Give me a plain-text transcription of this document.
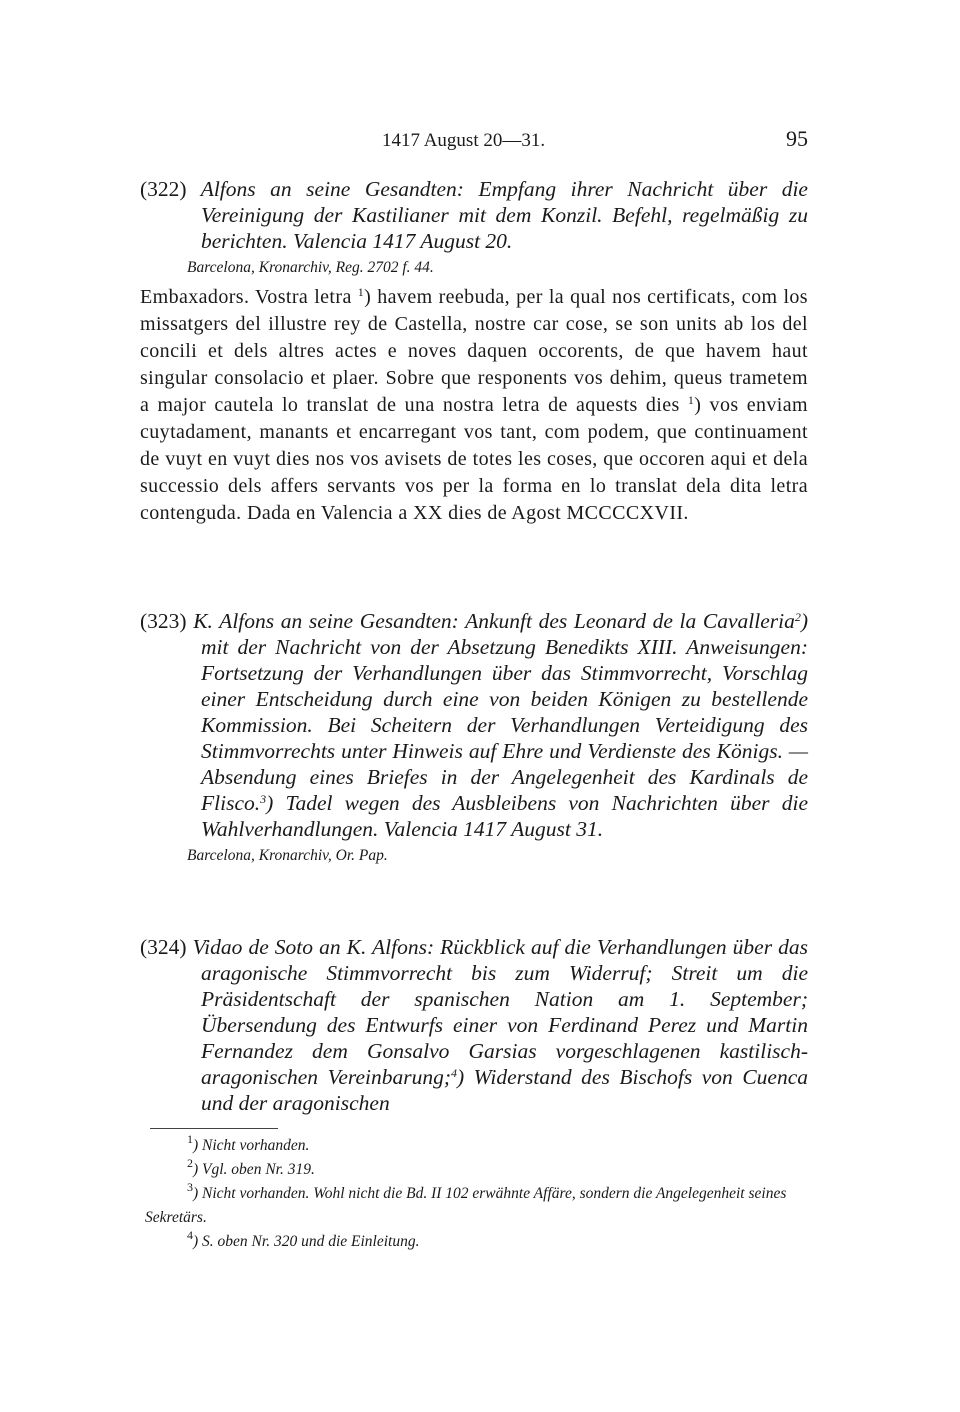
1417 August 20—31.	95
(322) Alfons an seine Gesandten: Empfang ihrer Nachricht über die Vereinigung der Kastilianer mit dem Konzil. Befehl, regelmäßig zu berichten. Valencia 1417 August 20.
Barcelona, Kronarchiv, Reg. 2702 f. 44.
Embaxadors. Vostra letra $^1$) havem reebuda, per la qual nos certificats, com los missatgers del illustre rey de Castella, nostre car cose, se son units ab los del concili et dels altres actes e noves daquen occorents, de que havem haut singular consolacio et plaer. Sobre que responents vos dehim, queus trametem a major cautela lo translat de una nostra letra de aquests dies $^1$) vos enviam cuytadament, manants et encarregant vos tant, com podem, que continuament de vuyt en vuyt dies nos vos avisets de totes les coses, que occoren aqui et dela successio dels affers servants vos per la forma en lo translat dela dita letra contenguda. Dada en Valencia a XX dies de Agost MCCCCXVII.
(323) K. Alfons an seine Gesandten: Ankunft des Leonard de la Cavalleria$^2$) mit der Nachricht von der Absetzung Benedikts XIII. Anweisungen: Fortsetzung der Verhandlungen über das Stimmvorrecht, Vorschlag einer Entscheidung durch eine von beiden Königen zu bestellende Kommission. Bei Scheitern der Verhandlungen Verteidigung des Stimmvorrechts unter Hinweis auf Ehre und Verdienste des Königs. — Absendung eines Briefes in der Angelegenheit des Kardinals de Flisco.$^3$) Tadel wegen des Ausbleibens von Nachrichten über die Wahlverhandlungen. Valencia 1417 August 31.
Barcelona, Kronarchiv, Or. Pap.
(324) Vidao de Soto an K. Alfons: Rückblick auf die Verhandlungen über das aragonische Stimmvorrecht bis zum Widerruf; Streit um die Präsidentschaft der spanischen Nation am 1. September; Übersendung des Entwurfs einer von Ferdinand Perez und Martin Fernandez dem Gonsalvo Garsias vorgeschlagenen kastilisch-aragonischen Vereinbarung;$^4$) Widerstand des Bischofs von Cuenca und der aragonischen
$^1$) Nicht vorhanden.
$^2$) Vgl. oben Nr. 319.
$^3$) Nicht vorhanden. Wohl nicht die Bd. II 102 erwähnte Affäre, sondern die Angelegenheit seines Sekretärs.
$^4$) S. oben Nr. 320 und die Einleitung.
